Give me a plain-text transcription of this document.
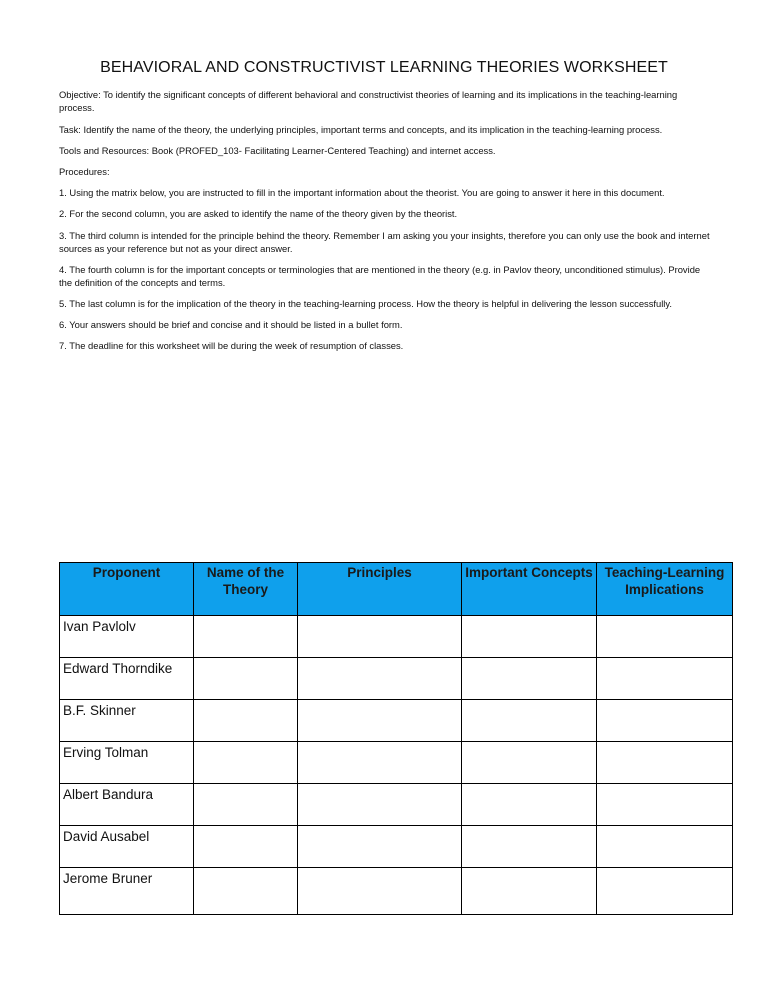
BEHAVIORAL AND CONSTRUCTIVIST LEARNING THEORIES WORKSHEET

Objective: To identify the significant concepts of different behavioral and constructivist theories of learning and its implications in the teaching-learning process.

Task: Identify the name of the theory, the underlying principles, important terms and concepts, and its implication in the teaching-learning process.

Tools and Resources: Book (PROFED_103- Facilitating Learner-Centered Teaching) and internet access.

Procedures:

1. Using the matrix below, you are instructed to fill in the important information about the theorist. You are going to answer it here in this document.

2. For the second column, you are asked to identify the name of the theory given by the theorist.

3. The third column is intended for the principle behind the theory. Remember I am asking you your insights, therefore you can only use the book and internet sources as your reference but not as your direct answer.

4. The fourth column is for the important concepts or terminologies that are mentioned in the theory (e.g. in Pavlov theory, unconditioned stimulus). Provide the definition of the concepts and terms.

5. The last column is for the implication of the theory in the teaching-learning process. How the theory is helpful in delivering the lesson successfully.

6. Your answers should be brief and concise and it should be listed in a bullet form.

7. The deadline for this worksheet will be during the week of resumption of classes.

Proponent	Name of the Theory	Principles	Important Concepts	Teaching-Learning Implications
Ivan Pavlolv				
Edward Thorndike				
B.F. Skinner				
Erving Tolman				
Albert Bandura				
David Ausabel				
Jerome Bruner				
